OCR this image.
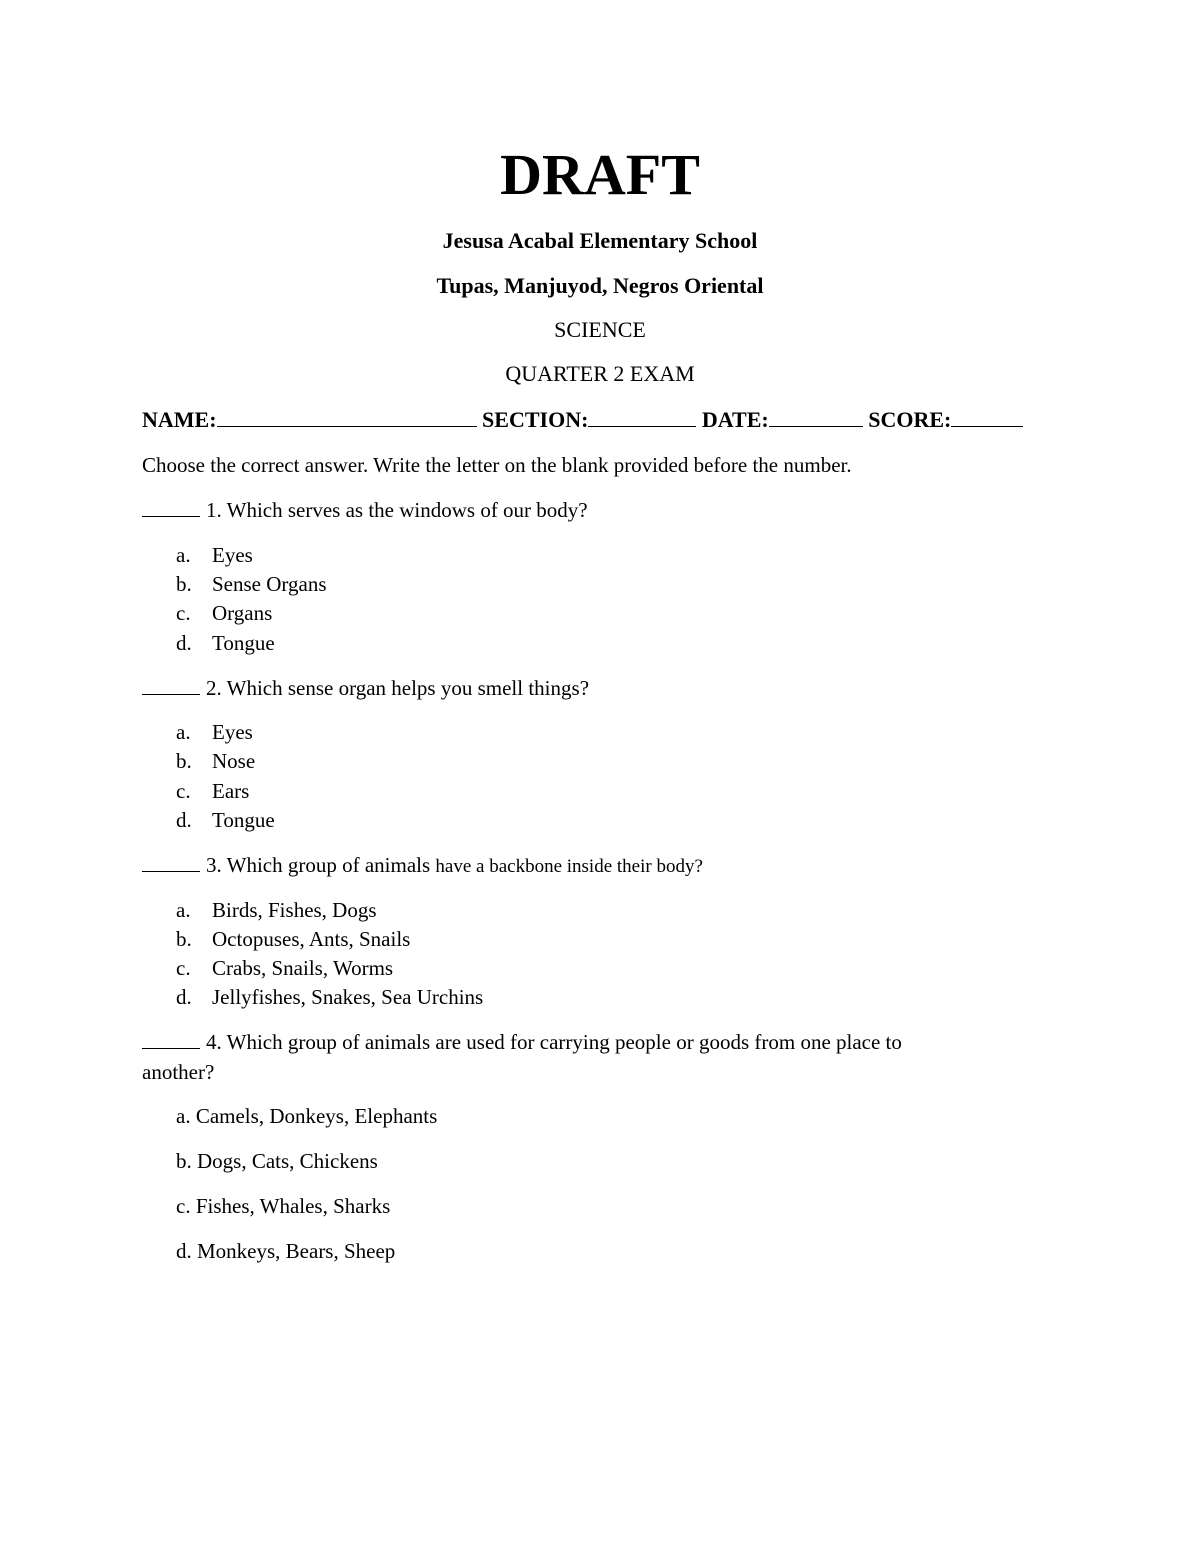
DRAFT
Jesusa Acabal Elementary School
Tupas, Manjuyod, Negros Oriental
SCIENCE
QUARTER 2 EXAM
NAME:	SECTION:	DATE:	SCORE:
Choose the correct answer. Write the letter on the blank provided before the number.
1. Which serves as the windows of our body?
a. Eyes
b. Sense Organs
c. Organs
d. Tongue
2. Which sense organ helps you smell things?
a. Eyes
b. Nose
c. Ears
d. Tongue
3. Which group of animals have a backbone inside their body?
a. Birds, Fishes, Dogs
b. Octopuses, Ants, Snails
c. Crabs, Snails, Worms
d. Jellyfishes, Snakes, Sea Urchins
4. Which group of animals are used for carrying people or goods from one place to
another?
a. Camels, Donkeys, Elephants
b. Dogs, Cats, Chickens
c. Fishes, Whales, Sharks
d. Monkeys, Bears, Sheep
